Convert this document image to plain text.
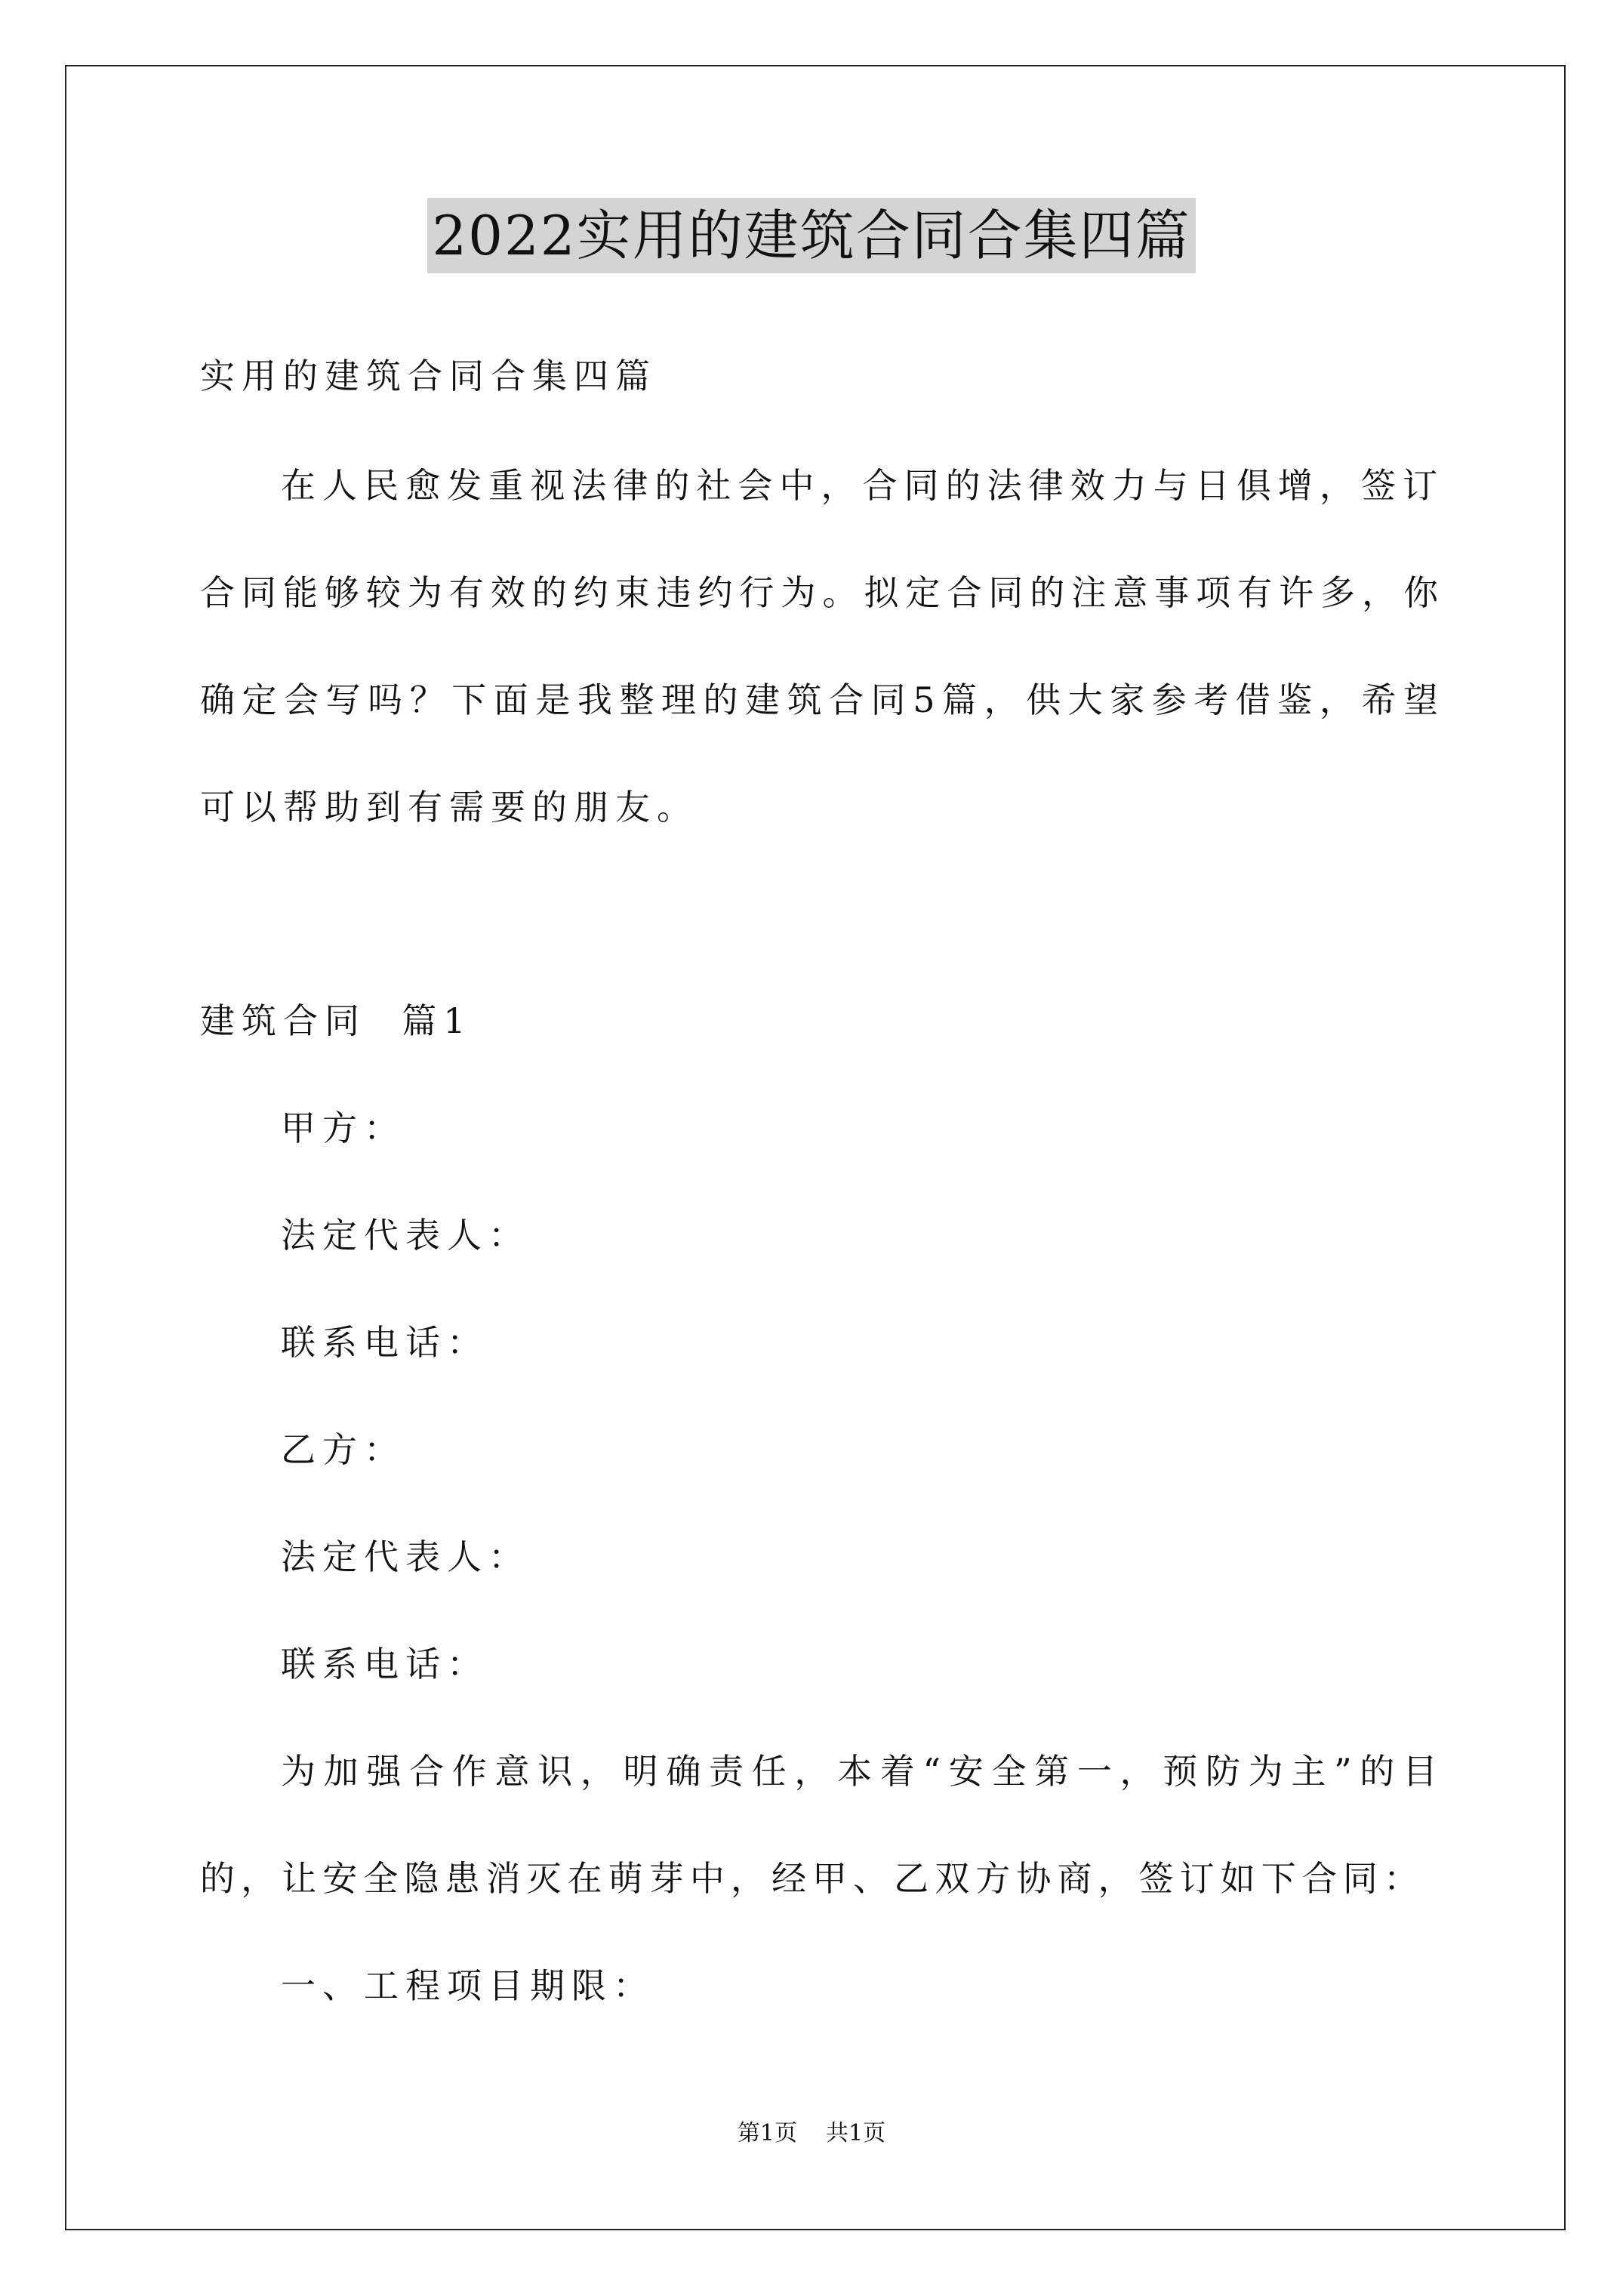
2022实用的建筑合同合集四篇
实用的建筑合同合集四篇
在人民愈发重视法律的社会中，合同的法律效力与日俱增，签订
合同能够较为有效的约束违约行为。拟定合同的注意事项有许多，你
确定会写吗？下面是我整理的建筑合同5篇，供大家参考借鉴，希望
可以帮助到有需要的朋友。
建筑合同  篇1
甲方：
法定代表人：
联系电话：
乙方：
法定代表人：
联系电话：
为加强合作意识，明确责任，本着“安全第一，预防为主”的目
的，让安全隐患消灭在萌芽中，经甲、乙双方协商，签订如下合同：
一、工程项目期限：
第1页 共1页
